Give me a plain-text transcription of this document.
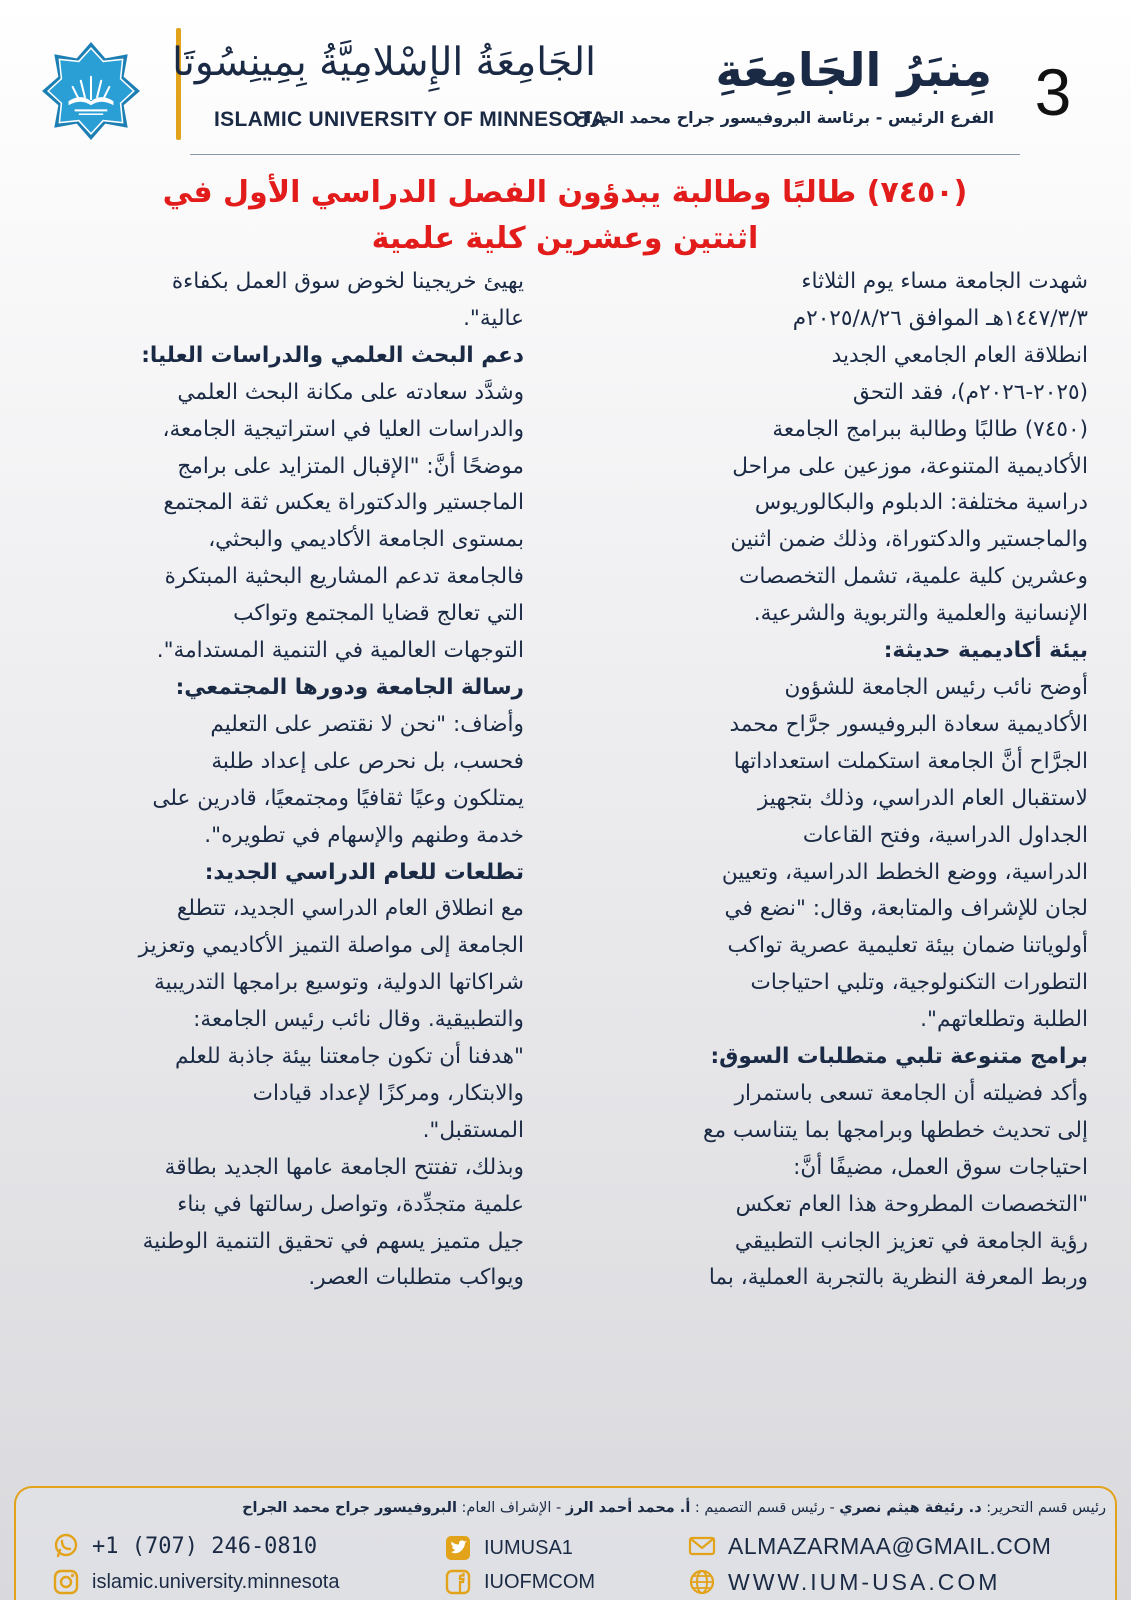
الجَامِعَةُ الإِسْلامِيَّةُ بِمِينِسُوتَا
ISLAMIC UNIVERSITY OF MINNESOTA
مِنبَرُ الجَامِعَةِ
الفرع الرئيس - برئاسة البروفيسور جراح محمد الجراح 3
(٧٤٥٠) طالبًا وطالبة يبدؤون الفصل الدراسي الأول في
اثنتين وعشرين كلية علمية

شهدت الجامعة مساء يوم الثلاثاء

١٤٤٧/٣/٣هـ الموافق ٢٠٢٥/٨/٢٦م

انطلاقة العام الجامعي الجديد

(٢٠٢٥-٢٠٢٦م)، فقد التحق

(٧٤٥٠) طالبًا وطالبة ببرامج الجامعة

الأكاديمية المتنوعة، موزعين على مراحل

دراسية مختلفة: الدبلوم والبكالوريوس

والماجستير والدكتوراة، وذلك ضمن اثنين

وعشرين كلية علمية، تشمل التخصصات

الإنسانية والعلمية والتربوية والشرعية.

بيئة أكاديمية حديثة:

أوضح نائب رئيس الجامعة للشؤون

الأكاديمية سعادة البروفيسور جرَّاح محمد

الجرَّاح أنَّ الجامعة استكملت استعداداتها

لاستقبال العام الدراسي، وذلك بتجهيز

الجداول الدراسية، وفتح القاعات

الدراسية، ووضع الخطط الدراسية، وتعيين

لجان للإشراف والمتابعة، وقال: "نضع في

أولوياتنا ضمان بيئة تعليمية عصرية تواكب

التطورات التكنولوجية، وتلبي احتياجات

الطلبة وتطلعاتهم".

برامج متنوعة تلبي متطلبات السوق:

وأكد فضيلته أن الجامعة تسعى باستمرار

إلى تحديث خططها وبرامجها بما يتناسب مع

احتياجات سوق العمل، مضيفًا أنَّ:

"التخصصات المطروحة هذا العام تعكس

رؤية الجامعة في تعزيز الجانب التطبيقي

وربط المعرفة النظرية بالتجربة العملية، بما

يهيئ خريجينا لخوض سوق العمل بكفاءة

عالية".

دعم البحث العلمي والدراسات العليا:

وشدَّد سعادته على مكانة البحث العلمي

والدراسات العليا في استراتيجية الجامعة،

موضحًا أنَّ: "الإقبال المتزايد على برامج

الماجستير والدكتوراة يعكس ثقة المجتمع

بمستوى الجامعة الأكاديمي والبحثي،

فالجامعة تدعم المشاريع البحثية المبتكرة

التي تعالج قضايا المجتمع وتواكب

التوجهات العالمية في التنمية المستدامة".

رسالة الجامعة ودورها المجتمعي:

وأضاف: "نحن لا نقتصر على التعليم

فحسب، بل نحرص على إعداد طلبة

يمتلكون وعيًا ثقافيًا ومجتمعيًا، قادرين على

خدمة وطنهم والإسهام في تطويره".

تطلعات للعام الدراسي الجديد:

مع انطلاق العام الدراسي الجديد، تتطلع

الجامعة إلى مواصلة التميز الأكاديمي وتعزيز

شراكاتها الدولية، وتوسيع برامجها التدريبية

والتطبيقية. وقال نائب رئيس الجامعة:

"هدفنا أن تكون جامعتنا بيئة جاذبة للعلم

والابتكار، ومركزًا لإعداد قيادات

المستقبل".

وبذلك، تفتتح الجامعة عامها الجديد بطاقة

علمية متجدِّدة، وتواصل رسالتها في بناء

جيل متميز يسهم في تحقيق التنمية الوطنية

ويواكب متطلبات العصر.

رئيس قسم التحرير: د. رئيفة هيثم نصري - رئيس قسم التصميم : أ. محمد أحمد الرز - الإشراف العام: البروفيسور جراح محمد الجراح
+1 (707) 246-0810
islamic.university.minnesota
IUMUSA1
IUOFMCOM
ALMAZARMAA@GMAIL.COM
WWW.IUM-USA.COM
